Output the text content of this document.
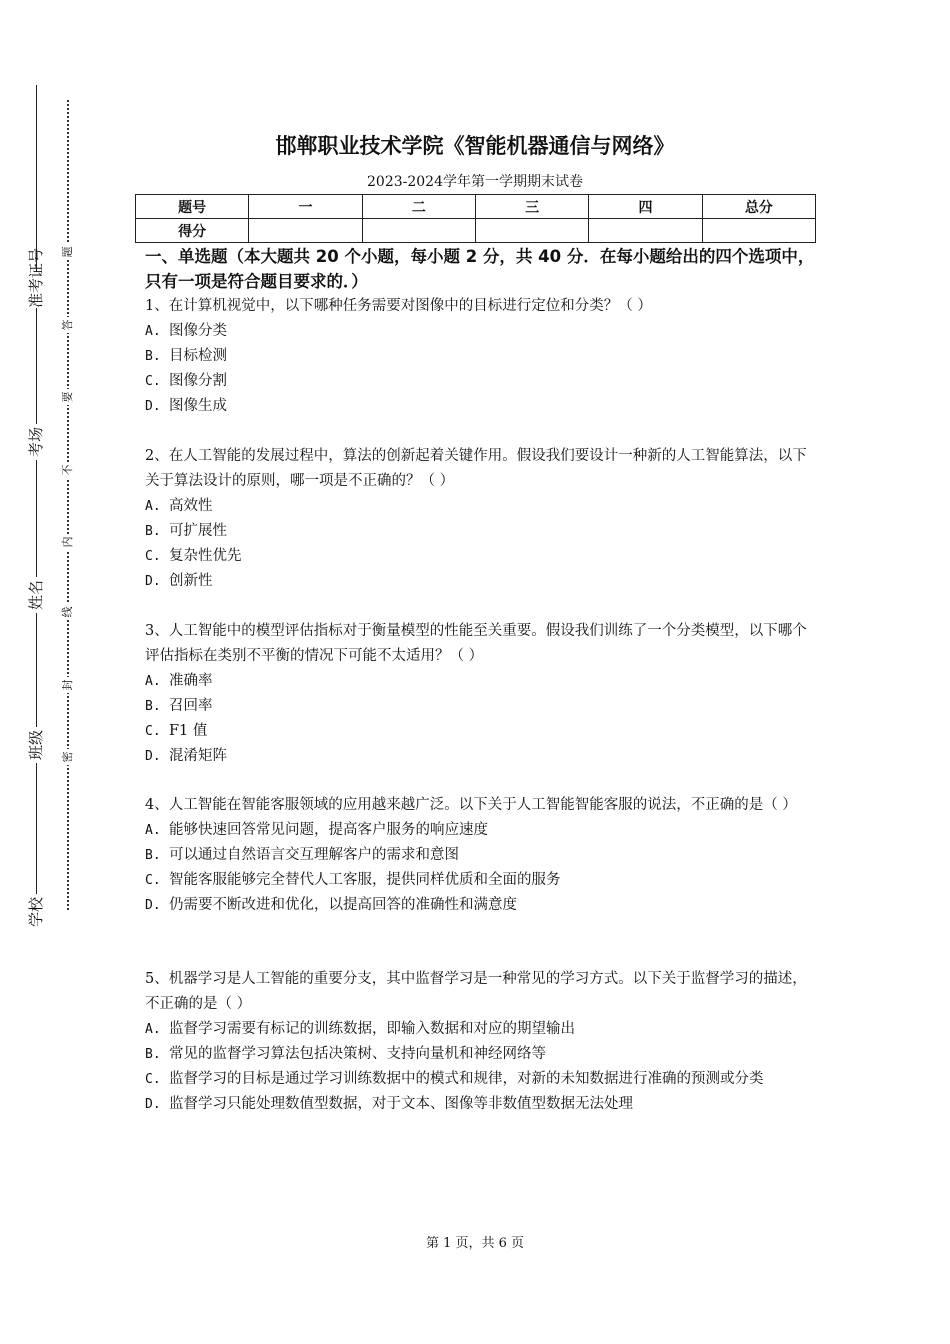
准考证号
考场
姓名
班级
学校
题
答
要
不
内
线
封
密
邯郸职业技术学院《智能机器通信与网络》
2023-2024学年第一学期期末试卷
题号	一	二	三	四	总分
得分					
一、单选题（本大题共 20 个小题，每小题 2 分，共 40 分．在每小题给出的四个选项中，只有一项是符合题目要求的．）

1、在计算机视觉中，以下哪种任务需要对图像中的目标进行定位和分类？（ ）

A. 图像分类

B. 目标检测

C. 图像分割

D. 图像生成

2、在人工智能的发展过程中，算法的创新起着关键作用。假设我们要设计一种新的人工智能算法，以下关于算法设计的原则，哪一项是不正确的？（ ）

A. 高效性

B. 可扩展性

C. 复杂性优先

D. 创新性

3、人工智能中的模型评估指标对于衡量模型的性能至关重要。假设我们训练了一个分类模型，以下哪个评估指标在类别不平衡的情况下可能不太适用？（ ）

A. 准确率

B. 召回率

C. F1 值

D. 混淆矩阵

4、人工智能在智能客服领域的应用越来越广泛。以下关于人工智能智能客服的说法，不正确的是（ ）

A. 能够快速回答常见问题，提高客户服务的响应速度

B. 可以通过自然语言交互理解客户的需求和意图

C. 智能客服能够完全替代人工客服，提供同样优质和全面的服务

D. 仍需要不断改进和优化，以提高回答的准确性和满意度

5、机器学习是人工智能的重要分支，其中监督学习是一种常见的学习方式。以下关于监督学习的描述，不正确的是（ ）

A. 监督学习需要有标记的训练数据，即输入数据和对应的期望输出

B. 常见的监督学习算法包括决策树、支持向量机和神经网络等

C. 监督学习的目标是通过学习训练数据中的模式和规律，对新的未知数据进行准确的预测或分类

D. 监督学习只能处理数值型数据，对于文本、图像等非数值型数据无法处理

第 1 页，共 6 页
